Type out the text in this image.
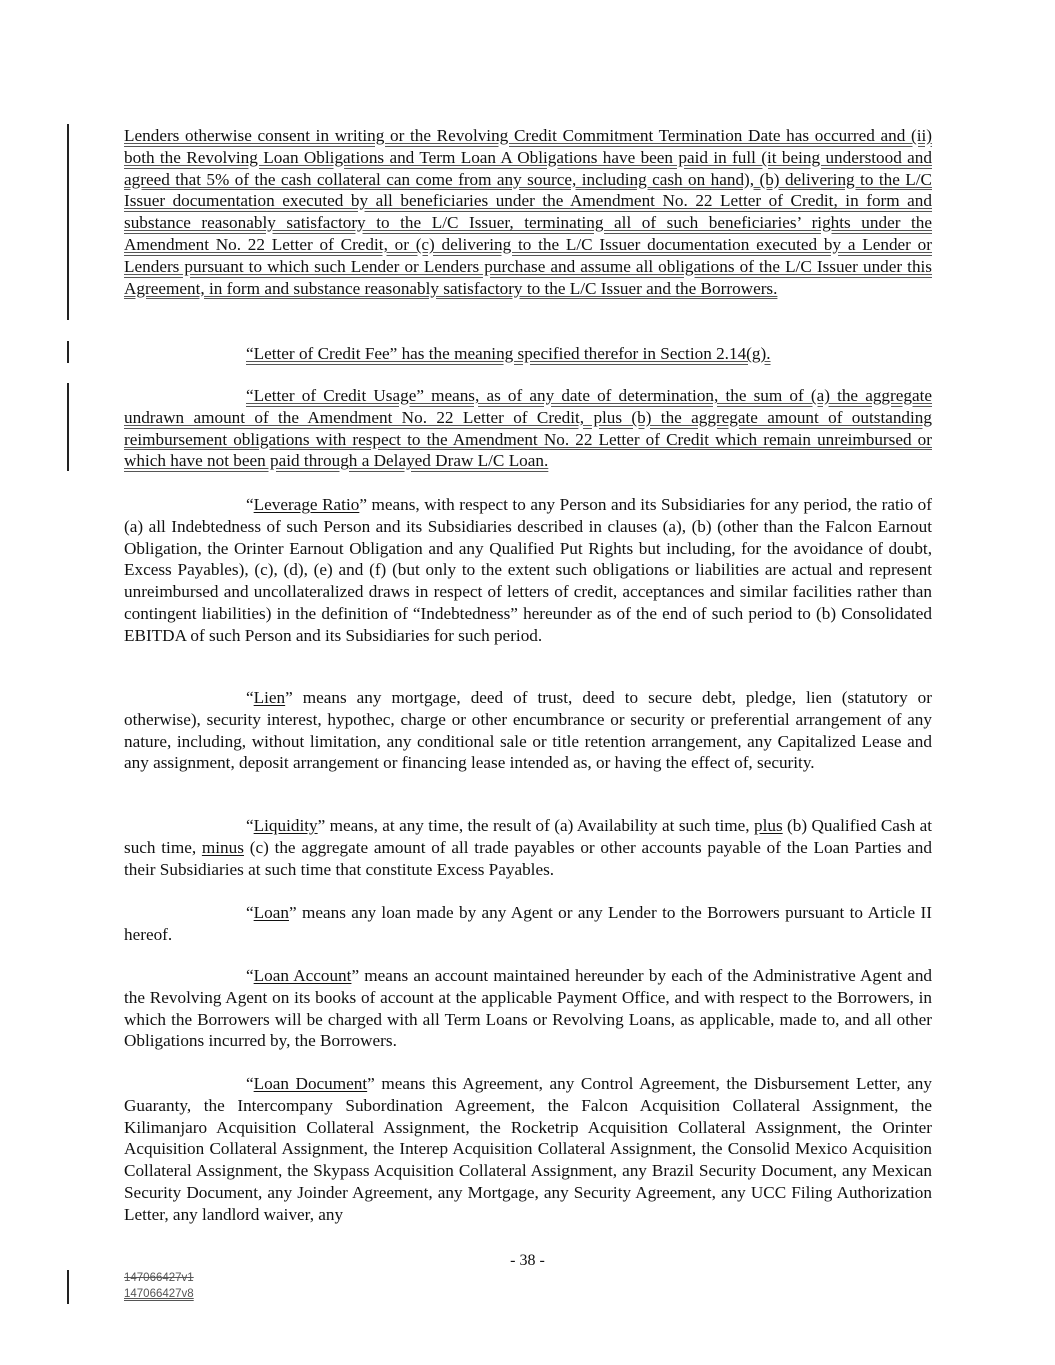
Lenders otherwise consent in writing or the Revolving Credit Commitment Termination Date has occurred and (ii) both the Revolving Loan Obligations and Term Loan A Obligations have been paid in full (it being understood and agreed that 5% of the cash collateral can come from any source, including cash on hand), (b) delivering to the L/C Issuer documentation executed by all beneficiaries under the Amendment No. 22 Letter of Credit, in form and substance reasonably satisfactory to the L/C Issuer, terminating all of such beneficiaries’ rights under the Amendment No. 22 Letter of Credit, or (c) delivering to the L/C Issuer documentation executed by a Lender or Lenders pursuant to which such Lender or Lenders purchase and assume all obligations of the L/C Issuer under this Agreement, in form and substance reasonably satisfactory to the L/C Issuer and the Borrowers.

“Letter of Credit Fee” has the meaning specified therefor in Section 2.14(g).

“Letter of Credit Usage” means, as of any date of determination, the sum of (a) the aggregate undrawn amount of the Amendment No. 22 Letter of Credit, plus (b) the aggregate amount of outstanding reimbursement obligations with respect to the Amendment No. 22 Letter of Credit which remain unreimbursed or which have not been paid through a Delayed Draw L/C Loan.

“Leverage Ratio” means, with respect to any Person and its Subsidiaries for any period, the ratio of (a) all Indebtedness of such Person and its Subsidiaries described in clauses (a), (b) (other than the Falcon Earnout Obligation, the Orinter Earnout Obligation and any Qualified Put Rights but including, for the avoidance of doubt, Excess Payables), (c), (d), (e) and (f) (but only to the extent such obligations or liabilities are actual and represent unreimbursed and uncollateralized draws in respect of letters of credit, acceptances and similar facilities rather than contingent liabilities) in the definition of “Indebtedness” hereunder as of the end of such period to (b) Consolidated EBITDA of such Person and its Subsidiaries for such period.

“Lien” means any mortgage, deed of trust, deed to secure debt, pledge, lien (statutory or otherwise), security interest, hypothec, charge or other encumbrance or security or preferential arrangement of any nature, including, without limitation, any conditional sale or title retention arrangement, any Capitalized Lease and any assignment, deposit arrangement or financing lease intended as, or having the effect of, security.

“Liquidity” means, at any time, the result of (a) Availability at such time, plus (b) Qualified Cash at such time, minus (c) the aggregate amount of all trade payables or other accounts payable of the Loan Parties and their Subsidiaries at such time that constitute Excess Payables.

“Loan” means any loan made by any Agent or any Lender to the Borrowers pursuant to Article II hereof.

“Loan Account” means an account maintained hereunder by each of the Administrative Agent and the Revolving Agent on its books of account at the applicable Payment Office, and with respect to the Borrowers, in which the Borrowers will be charged with all Term Loans or Revolving Loans, as applicable, made to, and all other Obligations incurred by, the Borrowers.

“Loan Document” means this Agreement, any Control Agreement, the Disbursement Letter, any Guaranty, the Intercompany Subordination Agreement, the Falcon Acquisition Collateral Assignment, the Kilimanjaro Acquisition Collateral Assignment, the Rocketrip Acquisition Collateral Assignment, the Orinter Acquisition Collateral Assignment, the Interep Acquisition Collateral Assignment, the Consolid Mexico Acquisition Collateral Assignment, the Skypass Acquisition Collateral Assignment, any Brazil Security Document, any Mexican Security Document, any Joinder Agreement, any Mortgage, any Security Agreement, any UCC Filing Authorization Letter, any landlord waiver, any

- 38 -
147066427v1
147066427v8
